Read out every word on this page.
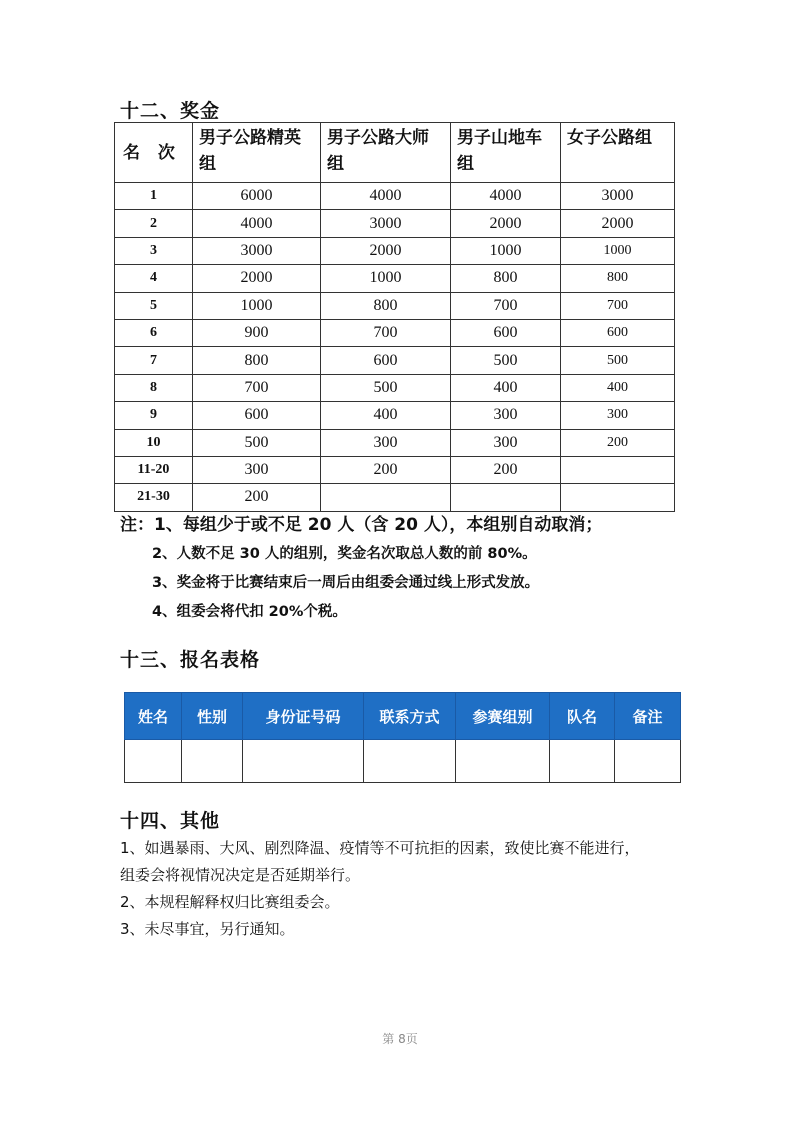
十二、奖金
名 次	男子公路精英组	男子公路大师组	男子山地车组	女子公路组
1	6000	4000	4000	3000
2	4000	3000	2000	2000
3	3000	2000	1000	1000
4	2000	1000	800	800
5	1000	800	700	700
6	900	700	600	600
7	800	600	500	500
8	700	500	400	400
9	600	400	300	300
10	500	300	300	200
11-20	300	200	200	
21-30	200			
注：1、每组少于或不足 20 人（含 20 人），本组别自动取消；
2、人数不足 30 人的组别，奖金名次取总人数的前 80%。
3、奖金将于比赛结束后一周后由组委会通过线上形式发放。
4、组委会将代扣 20%个税。
十三、报名表格
姓名	性别	身份证号码	联系方式	参赛组别	队名	备注

十四、其他
1、如遇暴雨、大风、剧烈降温、疫情等不可抗拒的因素，致使比赛不能进行，
组委会将视情况决定是否延期举行。
2、本规程解释权归比赛组委会。
3、未尽事宜，另行通知。
第 8页
